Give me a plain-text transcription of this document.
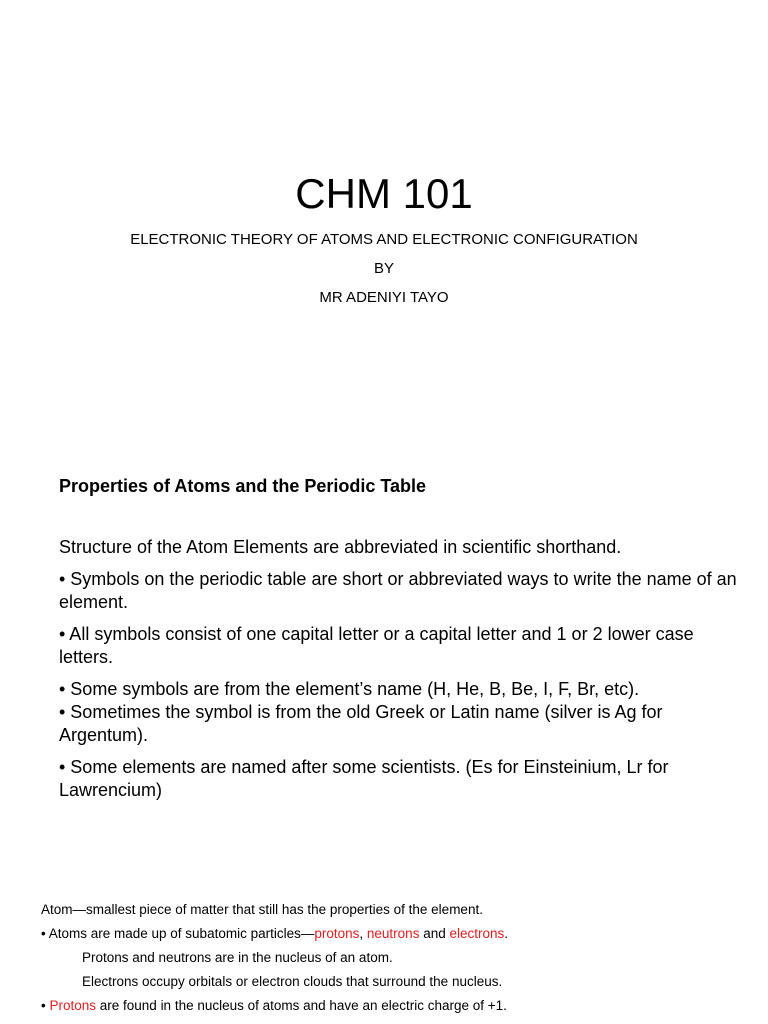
CHM 101
ELECTRONIC THEORY OF ATOMS AND ELECTRONIC CONFIGURATION
BY
MR ADENIYI TAYO
Properties of Atoms and the Periodic Table

Structure of the Atom Elements are abbreviated in scientific shorthand.

• Symbols on the periodic table are short or abbreviated ways to write the name of an element.

• All symbols consist of one capital letter or a capital letter and 1 or 2 lower case letters.

• Some symbols are from the element’s name (H, He, B, Be, I, F, Br, etc).

• Sometimes the symbol is from the old Greek or Latin name (silver is Ag for Argentum).

• Some elements are named after some scientists. (Es for Einsteinium, Lr for Lawrencium)

Atom—smallest piece of matter that still has the properties of the element.
• Atoms are made up of subatomic particles—protons, neutrons and electrons.
Protons and neutrons are in the nucleus of an atom.
Electrons occupy orbitals or electron clouds that surround the nucleus.
• Protons are found in the nucleus of atoms and have an electric charge of +1.
